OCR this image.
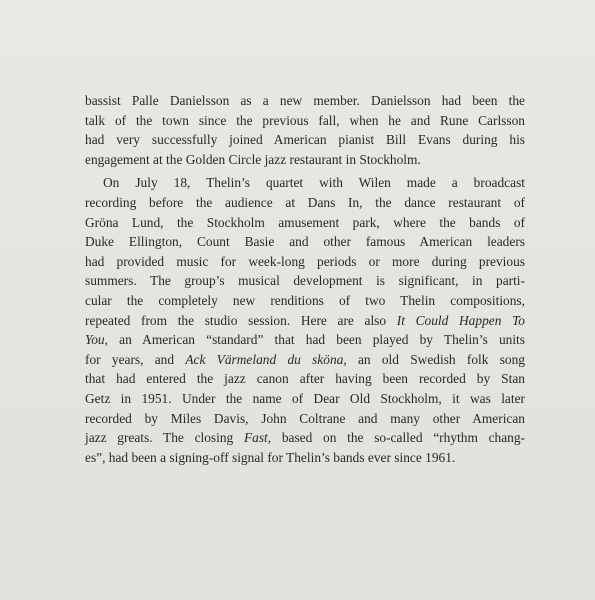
bassist Palle Danielsson as a new member. Danielsson had been the
talk of the town since the previous fall, when he and Rune Carlsson
had very successfully joined American pianist Bill Evans during his
engagement at the Golden Circle jazz restaurant in Stockholm.
On July 18, Thelin’s quartet with Wilen made a broadcast
recording before the audience at Dans In, the dance restaurant of
Gröna Lund, the Stockholm amusement park, where the bands of
Duke Ellington, Count Basie and other famous American leaders
had provided music for week-long periods or more during previous
summers. The group’s musical development is significant, in parti-
cular the completely new renditions of two Thelin compositions,
repeated from the studio session. Here are also It Could Happen To
You, an American “standard” that had been played by Thelin’s units
for years, and Ack Värmeland du sköna, an old Swedish folk song
that had entered the jazz canon after having been recorded by Stan
Getz in 1951. Under the name of Dear Old Stockholm, it was later
recorded by Miles Davis, John Coltrane and many other American
jazz greats. The closing Fast, based on the so-called “rhythm chang-
es”, had been a signing-off signal for Thelin’s bands ever since 1961.
